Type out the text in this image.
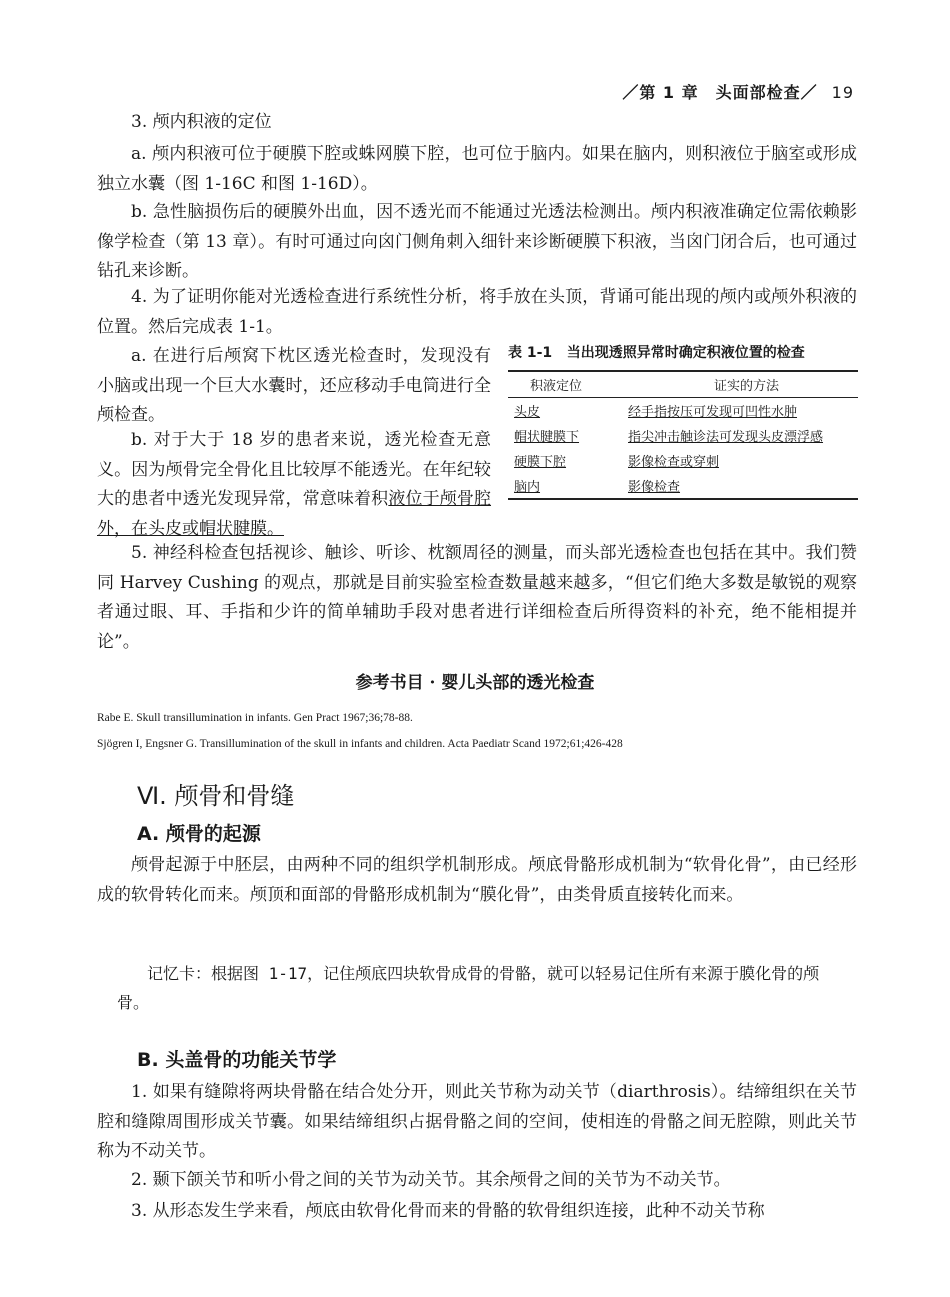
／第 1 章　头面部检查／ 19

3. 颅内积液的定位

a. 颅内积液可位于硬膜下腔或蛛网膜下腔，也可位于脑内。如果在脑内，则积液位于脑室或形成独立水囊（图 1-16C 和图 1-16D）。

b. 急性脑损伤后的硬膜外出血，因不透光而不能通过光透法检测出。颅内积液准确定位需依赖影像学检查（第 13 章）。有时可通过向囟门侧角刺入细针来诊断硬膜下积液，当囟门闭合后，也可通过钻孔来诊断。

4. 为了证明你能对光透检查进行系统性分析，将手放在头顶，背诵可能出现的颅内或颅外积液的位置。然后完成表 1-1。

a. 在进行后颅窝下枕区透光检查时，发现没有小脑或出现一个巨大水囊时，还应移动手电筒进行全颅检查。

b. 对于大于 18 岁的患者来说，透光检查无意义。因为颅骨完全骨化且比较厚不能透光。在年纪较大的患者中透光发现异常，常意味着积液位于颅骨腔外，在头皮或帽状腱膜。

表 1-1 当出现透照异常时确定积液位置的检查
积液定位	证实的方法
头皮	经手指按压可发现可凹性水肿
帽状腱膜下	指尖冲击触诊法可发现头皮漂浮感
硬膜下腔	影像检查或穿刺
脑内	影像检查

5. 神经科检查包括视诊、触诊、听诊、枕额周径的测量，而头部光透检查也包括在其中。我们赞同 Harvey Cushing 的观点，那就是目前实验室检查数量越来越多，“但它们绝大多数是敏锐的观察者通过眼、耳、手指和少许的简单辅助手段对患者进行详细检查后所得资料的补充，绝不能相提并论”。

参考书目 · 婴儿头部的透光检查
Rabe E. Skull transillumination in infants. Gen Pract 1967;36;78-88.
Sjögren I, Engsner G. Transillumination of the skull in infants and children. Acta Paediatr Scand 1972;61;426-428
Ⅵ. 颅骨和骨缝
A. 颅骨的起源

颅骨起源于中胚层，由两种不同的组织学机制形成。颅底骨骼形成机制为“软骨化骨”，由已经形成的软骨转化而来。颅顶和面部的骨骼形成机制为“膜化骨”，由类骨质直接转化而来。

记忆卡：根据图 1-17，记住颅底四块软骨成骨的骨骼，就可以轻易记住所有来源于膜化骨的颅骨。

B. 头盖骨的功能关节学

1. 如果有缝隙将两块骨骼在结合处分开，则此关节称为动关节（diarthrosis）。结缔组织在关节腔和缝隙周围形成关节囊。如果结缔组织占据骨骼之间的空间，使相连的骨骼之间无腔隙，则此关节称为不动关节。

2. 颞下颌关节和听小骨之间的关节为动关节。其余颅骨之间的关节为不动关节。

3. 从形态发生学来看，颅底由软骨化骨而来的骨骼的软骨组织连接，此种不动关节称
